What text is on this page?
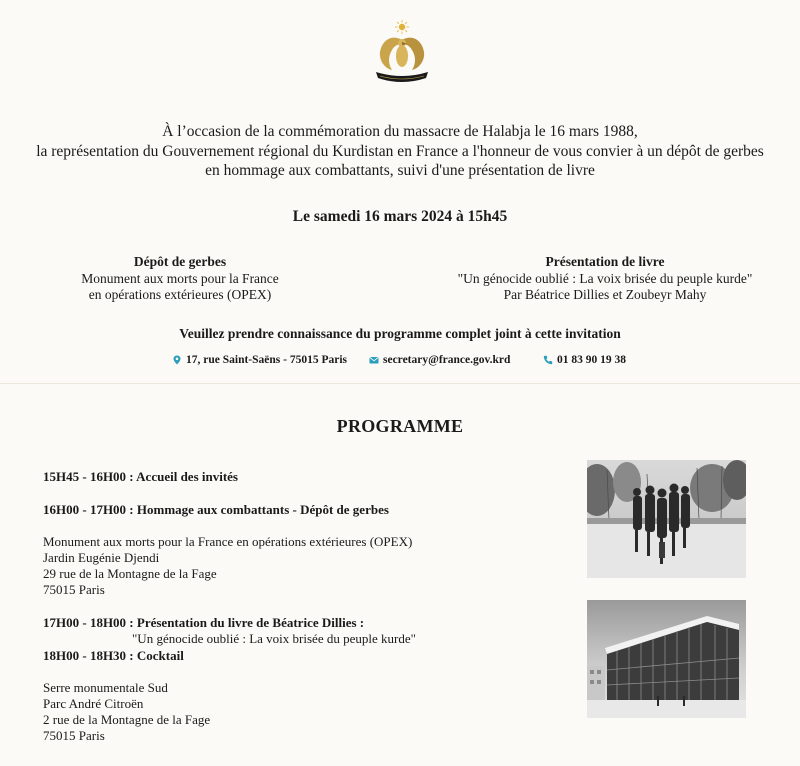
À l’occasion de la commémoration du massacre de Halabja le 16 mars 1988,
la représentation du Gouvernement régional du Kurdistan en France a l'honneur de vous convier à un dépôt de gerbes
en hommage aux combattants, suivi d'une présentation de livre
Le samedi 16 mars 2024 à 15h45
Dépôt de gerbes
Monument aux morts pour la France
en opérations extérieures (OPEX)
Présentation de livre
"Un génocide oublié : La voix brisée du peuple kurde"
Par Béatrice Dillies et Zoubeyr Mahy
Veuillez prendre connaissance du programme complet joint à cette invitation
17, rue Saint-Saëns - 75015 Paris	secretary@france.gov.krd	01 83 90 19 38
PROGRAMME
15H45 - 16H00 : Accueil des invités
16H00 - 17H00 : Hommage aux combattants - Dépôt de gerbes
Monument aux morts pour la France en opérations extérieures (OPEX)
Jardin Eugénie Djendi
29 rue de la Montagne de la Fage
75015 Paris
17H00 - 18H00 : Présentation du livre de Béatrice Dillies :
"Un génocide oublié : La voix brisée du peuple kurde"
18H00 - 18H30 : Cocktail
Serre monumentale Sud
Parc André Citroën
2 rue de la Montagne de la Fage
75015 Paris
